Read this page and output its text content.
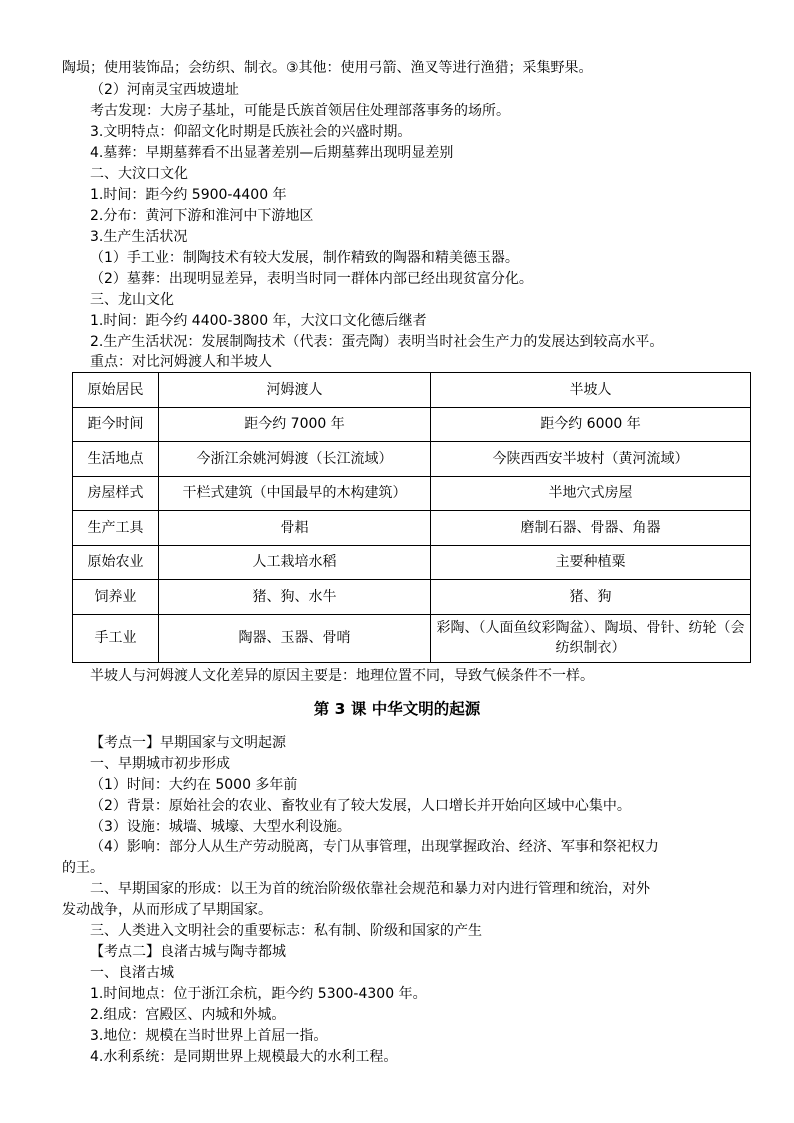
陶埙；使用装饰品；会纺织、制衣。③其他：使用弓箭、渔叉等进行渔猎；采集野果。
（2）河南灵宝西坡遗址
考古发现：大房子基址，可能是氏族首领居住处理部落事务的场所。
3.文明特点：仰韶文化时期是氏族社会的兴盛时期。
4.墓葬：早期墓葬看不出显著差别—后期墓葬出现明显差别
二、大汶口文化
1.时间：距今约 5900-4400 年
2.分布：黄河下游和淮河中下游地区
3.生产生活状况
（1）手工业：制陶技术有较大发展，制作精致的陶器和精美德玉器。
（2）墓葬：出现明显差异，表明当时同一群体内部已经出现贫富分化。
三、龙山文化
1.时间：距今约 4400-3800 年，大汶口文化德后继者
2.生产生活状况：发展制陶技术（代表：蛋壳陶）表明当时社会生产力的发展达到较高水平。
重点：对比河姆渡人和半坡人
原始居民	河姆渡人	半坡人
距今时间	距今约 7000 年	距今约 6000 年
生活地点	今浙江余姚河姆渡（长江流域）	今陕西西安半坡村（黄河流域）
房屋样式	干栏式建筑（中国最早的木构建筑）	半地穴式房屋
生产工具	骨耜	磨制石器、骨器、角器
原始农业	人工栽培水稻	主要种植粟
饲养业	猪、狗、水牛	猪、狗
手工业	陶器、玉器、骨哨	彩陶、（人面鱼纹彩陶盆）、陶埙、骨针、纺轮（会纺织制衣）
半坡人与河姆渡人文化差异的原因主要是：地理位置不同，导致气候条件不一样。
第 3 课 中华文明的起源
【考点一】早期国家与文明起源
一、早期城市初步形成
（1）时间：大约在 5000 多年前
（2）背景：原始社会的农业、畜牧业有了较大发展，人口增长并开始向区域中心集中。
（3）设施：城墙、城壕、大型水利设施。
（4）影响：部分人从生产劳动脱离，专门从事管理，出现掌握政治、经济、军事和祭祀权力
的王。
二、早期国家的形成：以王为首的统治阶级依靠社会规范和暴力对内进行管理和统治，对外
发动战争，从而形成了早期国家。
三、人类进入文明社会的重要标志：私有制、阶级和国家的产生
【考点二】良渚古城与陶寺都城
一、良渚古城
1.时间地点：位于浙江余杭，距今约 5300-4300 年。
2.组成：宫殿区、内城和外城。
3.地位：规模在当时世界上首屈一指。
4.水利系统：是同期世界上规模最大的水利工程。
